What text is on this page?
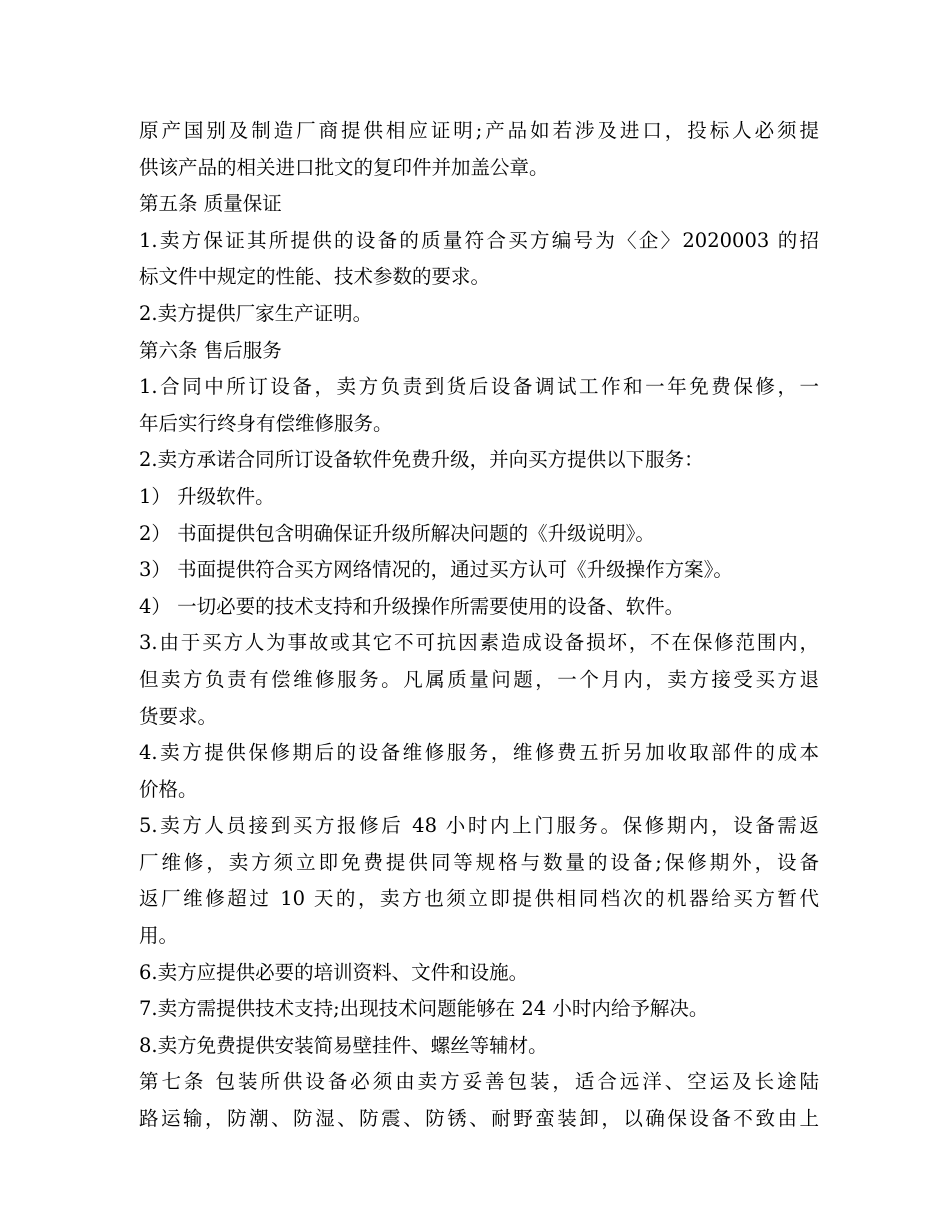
原产国别及制造厂商提供相应证明;产品如若涉及进口，投标人必须提
供该产品的相关进口批文的复印件并加盖公章。
第五条 质量保证
1.卖方保证其所提供的设备的质量符合买方编号为〈企〉2020003 的招
标文件中规定的性能、技术参数的要求。
2.卖方提供厂家生产证明。
第六条 售后服务
1.合同中所订设备，卖方负责到货后设备调试工作和一年免费保修，一
年后实行终身有偿维修服务。
2.卖方承诺合同所订设备软件免费升级，并向买方提供以下服务：
1） 升级软件。
2） 书面提供包含明确保证升级所解决问题的《升级说明》。
3） 书面提供符合买方网络情况的，通过买方认可《升级操作方案》。
4） 一切必要的技术支持和升级操作所需要使用的设备、软件。
3.由于买方人为事故或其它不可抗因素造成设备损坏，不在保修范围内，
但卖方负责有偿维修服务。凡属质量问题，一个月内，卖方接受买方退
货要求。
4.卖方提供保修期后的设备维修服务，维修费五折另加收取部件的成本
价格。
5.卖方人员接到买方报修后 48 小时内上门服务。保修期内，设备需返
厂维修，卖方须立即免费提供同等规格与数量的设备;保修期外，设备
返厂维修超过 10 天的，卖方也须立即提供相同档次的机器给买方暂代
用。
6.卖方应提供必要的培训资料、文件和设施。
7.卖方需提供技术支持;出现技术问题能够在 24 小时内给予解决。
8.卖方免费提供安装简易壁挂件、螺丝等辅材。
第七条 包装所供设备必须由卖方妥善包装，适合远洋、空运及长途陆
路运输，防潮、防湿、防震、防锈、耐野蛮装卸，以确保设备不致由上
